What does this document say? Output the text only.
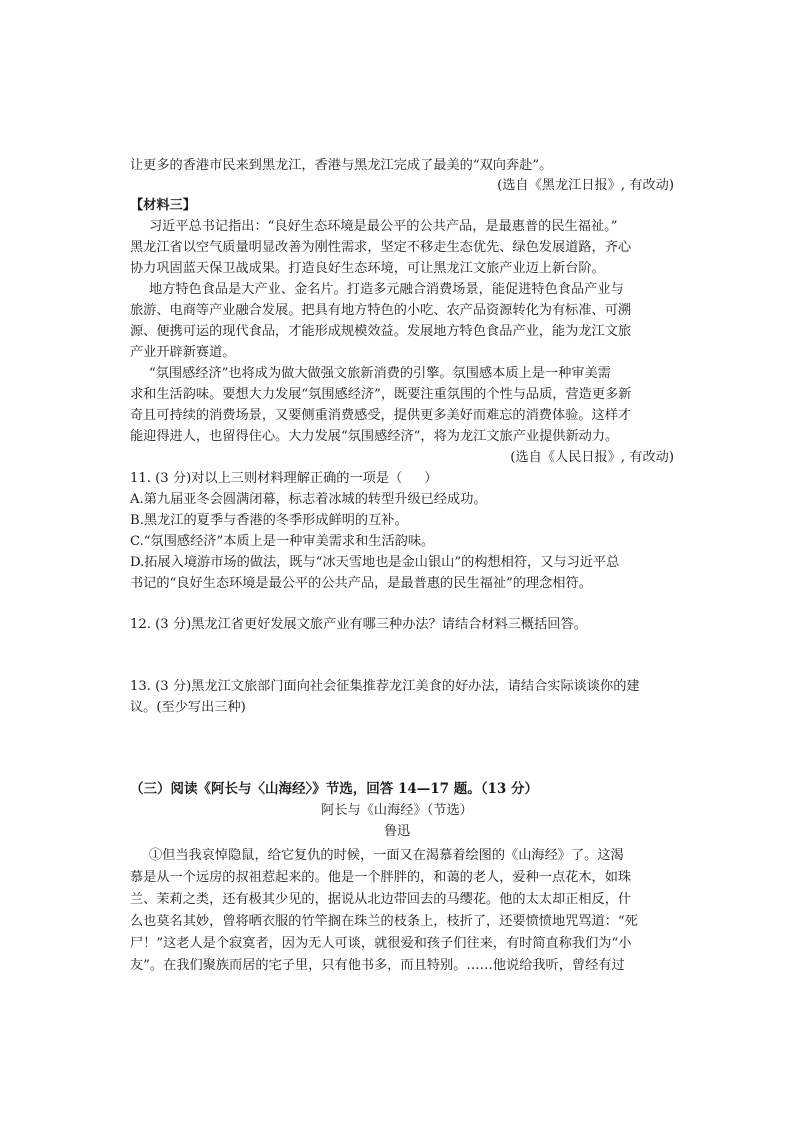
让更多的香港市民来到黑龙江，香港与黑龙江完成了最美的“双向奔赴”。
(选自《黑龙江日报》, 有改动)
【材料三】
习近平总书记指出：“良好生态环境是最公平的公共产品，是最惠普的民生福祉。”
黑龙江省以空气质量明显改善为刚性需求，坚定不移走生态优先、绿色发展道路，齐心
协力巩固蓝天保卫战成果。打造良好生态环境，可让黑龙江文旅产业迈上新台阶。
地方特色食品是大产业、金名片。打造多元融合消费场景，能促进特色食品产业与
旅游、电商等产业融合发展。把具有地方特色的小吃、农产品资源转化为有标准、可溯
源、便携可运的现代食品，才能形成规模效益。发展地方特色食品产业，能为龙江文旅
产业开辟新赛道。
“氛围感经济”也将成为做大做强文旅新消费的引擎。氛围感本质上是一种审美需
求和生活韵味。要想大力发展“氛围感经济”，既要注重氛围的个性与品质，营造更多新
奇且可持续的消费场景，又要侧重消费感受，提供更多美好而难忘的消费体验。这样才
能迎得进人，也留得住心。大力发展“氛围感经济”，将为龙江文旅产业提供新动力。
(选自《人民日报》, 有改动)
11. (3 分)对以上三则材料理解正确的一项是（ ）
A.第九届亚冬会圆满闭幕，标志着冰城的转型升级已经成功。
B.黑龙江的夏季与香港的冬季形成鲜明的互补。
C.“氛围感经济”本质上是一种审美需求和生活韵味。
D.拓展入境游市场的做法，既与“冰天雪地也是金山银山”的构想相符，又与习近平总
书记的“良好生态环境是最公平的公共产品，是最普惠的民生福祉”的理念相符。
12. (3 分)黑龙江省更好发展文旅产业有哪三种办法？请结合材料三概括回答。
13. (3 分)黑龙江文旅部门面向社会征集推荐龙江美食的好办法，请结合实际谈谈你的建
议。(至少写出三种)
（三）阅读《阿长与〈山海经〉》节选，回答 14—17 题。（13 分）
阿长与《山海经》（节选）
鲁迅
①但当我哀悼隐鼠，给它复仇的时候，一面又在渴慕着绘图的《山海经》了。这渴
慕是从一个远房的叔祖惹起来的。他是一个胖胖的，和蔼的老人，爱种一点花木，如珠
兰、茉莉之类，还有极其少见的，据说从北边带回去的马缨花。他的太太却正相反，什
么也莫名其妙，曾将晒衣服的竹竿搁在珠兰的枝条上，枝折了，还要愤愤地咒骂道：“死
尸！”这老人是个寂寞者，因为无人可谈，就很爱和孩子们往来，有时简直称我们为“小
友”。在我们聚族而居的宅子里，只有他书多，而且特别。……他说给我听，曾经有过
